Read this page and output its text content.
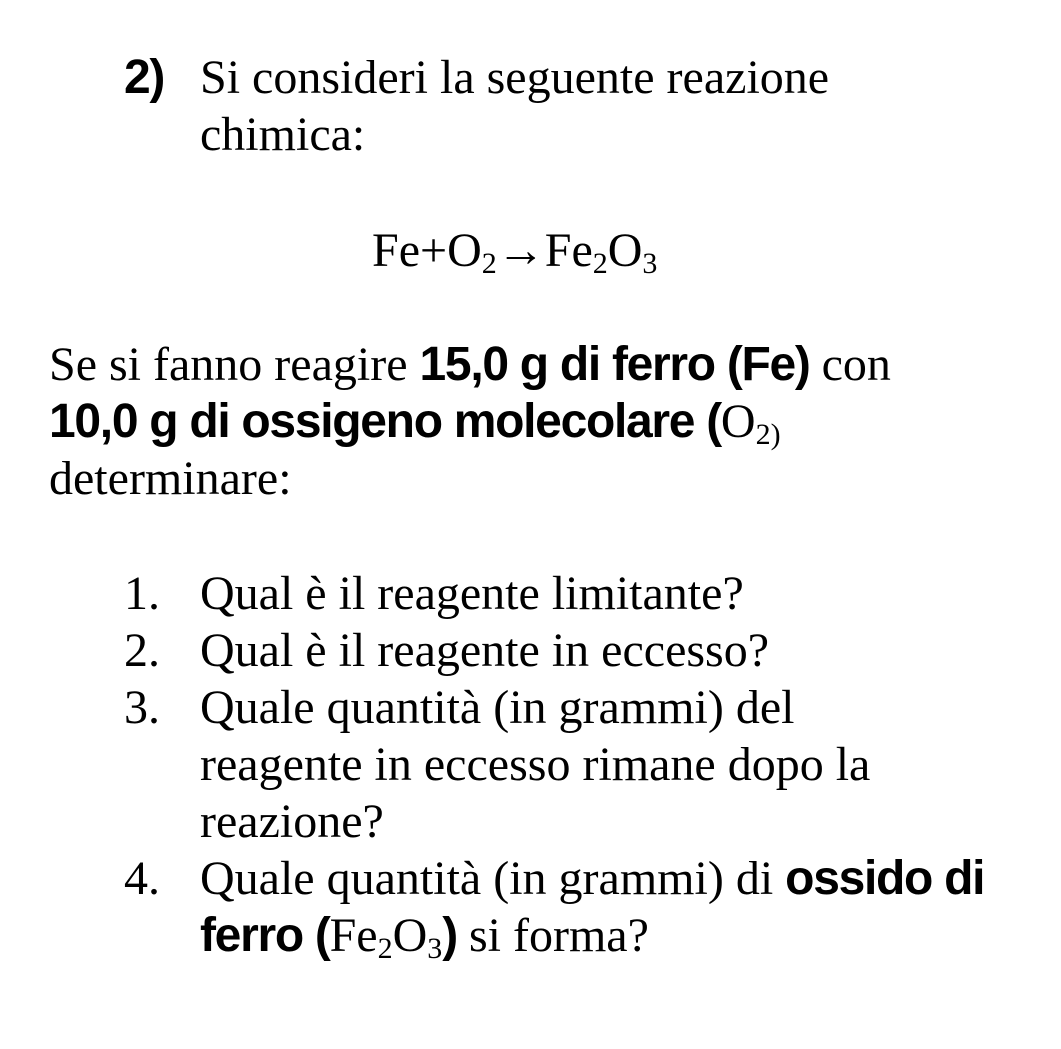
2) Si consideri la seguente reazione
chimica:
$Fe+O_2\to Fe_2O_3$
Se si fanno reagire 15,0 g di ferro (Fe) con
10,0 g di ossigeno molecolare ($O_{2)}$
determinare:
1. Qual è il reagente limitante?
2. Qual è il reagente in eccesso?
3. Quale quantità (in grammi) del
reagente in eccesso rimane dopo la
reazione?
4. Quale quantità (in grammi) di ossido di
ferro $(Fe_2O_3)$ si forma?
